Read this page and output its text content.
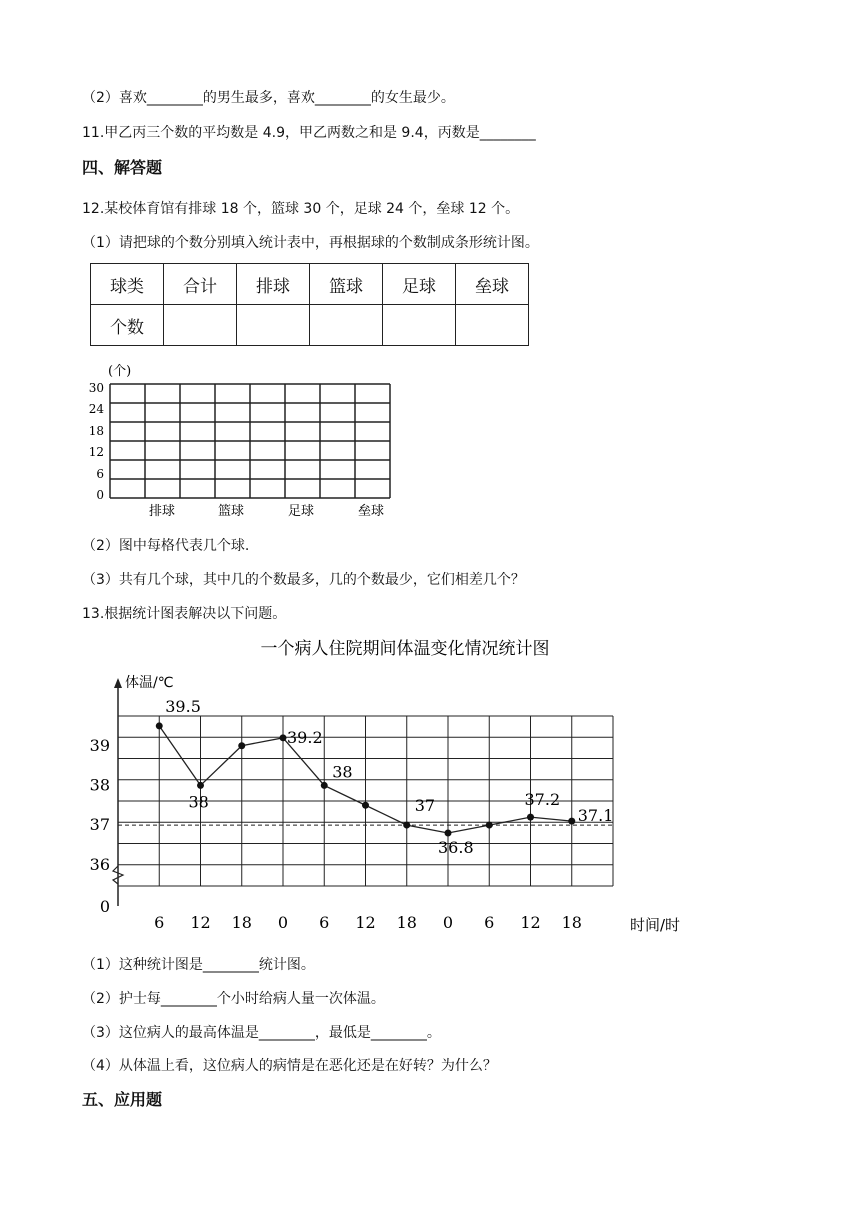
（2）喜欢________的男生最多，喜欢________的女生最少。
11.甲乙丙三个数的平均数是 4.9，甲乙两数之和是 9.4，丙数是________
四、解答题
12.某校体育馆有排球 18 个，篮球 30 个，足球 24 个，垒球 12 个。
（1）请把球的个数分别填入统计表中，再根据球的个数制成条形统计图。
球类	合计	排球	篮球	足球	垒球
个数					
(个)
30
24
18
12
6
0
排球	篮球	足球	垒球
（2）图中每格代表几个球.
（3）共有几个球，其中几的个数最多，几的个数最少，它们相差几个？
13.根据统计图表解决以下问题。
一个病人住院期间体温变化情况统计图
39
38
37
36
0
6 12 18 0 6 12 18 0 6 12 18
体温/℃
时间/时
39.5
38
39.2
38
37
36.8
37.2
37.1
（1）这种统计图是________统计图。
（2）护士每________个小时给病人量一次体温。
（3）这位病人的最高体温是________，最低是________。
（4）从体温上看，这位病人的病情是在恶化还是在好转？为什么？
五、应用题
